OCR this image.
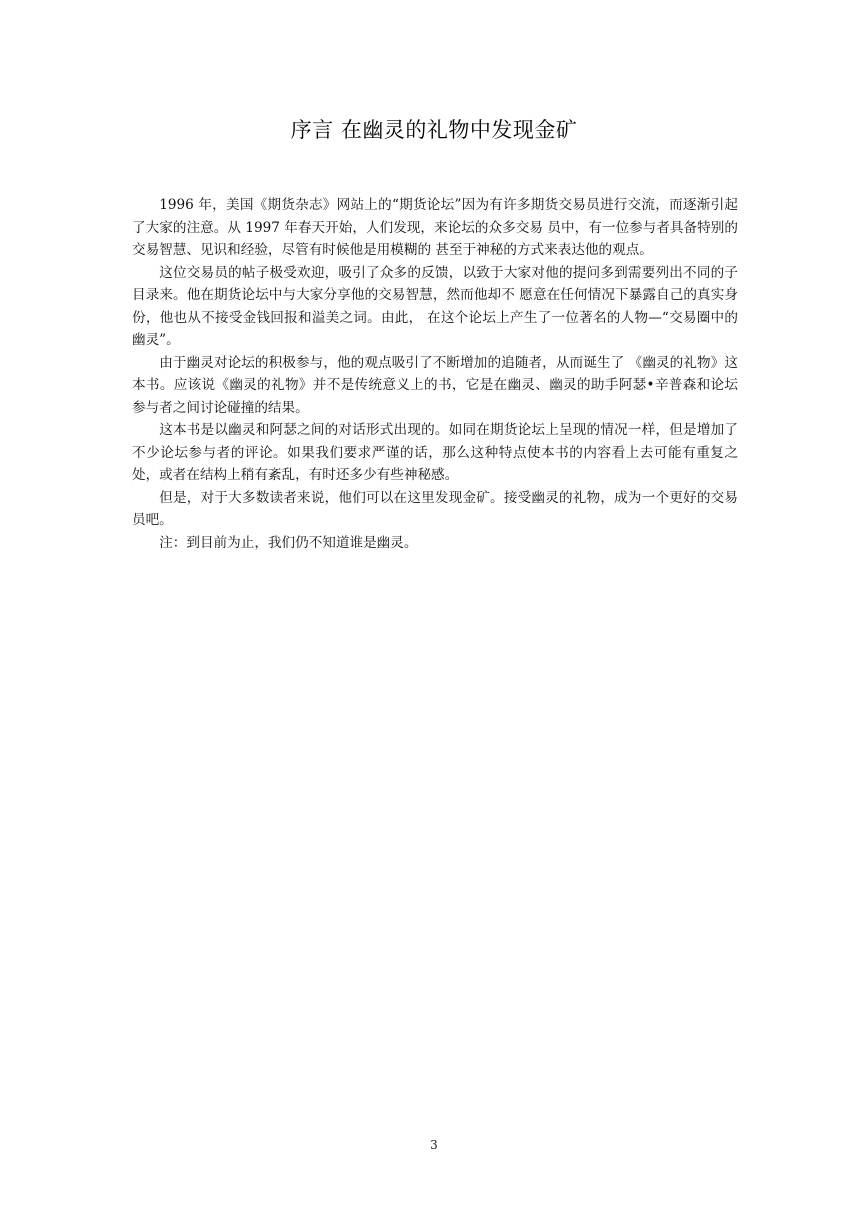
序言 在幽灵的礼物中发现金矿

1996 年，美国《期货杂志》网站上的“期货论坛”因为有许多期货交易员进行交流，而逐渐引起了大家的注意。从 1997 年春天开始，人们发现，来论坛的众多交易 员中，有一位参与者具备特别的交易智慧、见识和经验，尽管有时候他是用模糊的 甚至于神秘的方式来表达他的观点。

这位交易员的帖子极受欢迎，吸引了众多的反馈，以致于大家对他的提问多到需要列出不同的子目录来。他在期货论坛中与大家分享他的交易智慧，然而他却不 愿意在任何情况下暴露自己的真实身份，他也从不接受金钱回报和溢美之词。由此， 在这个论坛上产生了一位著名的人物—“交易圈中的幽灵”。

由于幽灵对论坛的积极参与，他的观点吸引了不断增加的追随者，从而诞生了 《幽灵的礼物》这本书。应该说《幽灵的礼物》并不是传统意义上的书，它是在幽灵、幽灵的助手阿瑟•辛普森和论坛参与者之间讨论碰撞的结果。

这本书是以幽灵和阿瑟之间的对话形式出现的。如同在期货论坛上呈现的情况一样，但是增加了不少论坛参与者的评论。如果我们要求严谨的话，那么这种特点使本书的内容看上去可能有重复之处，或者在结构上稍有紊乱，有时还多少有些神秘感。

但是，对于大多数读者来说，他们可以在这里发现金矿。接受幽灵的礼物，成为一个更好的交易员吧。

注：到目前为止，我们仍不知道谁是幽灵。

3
